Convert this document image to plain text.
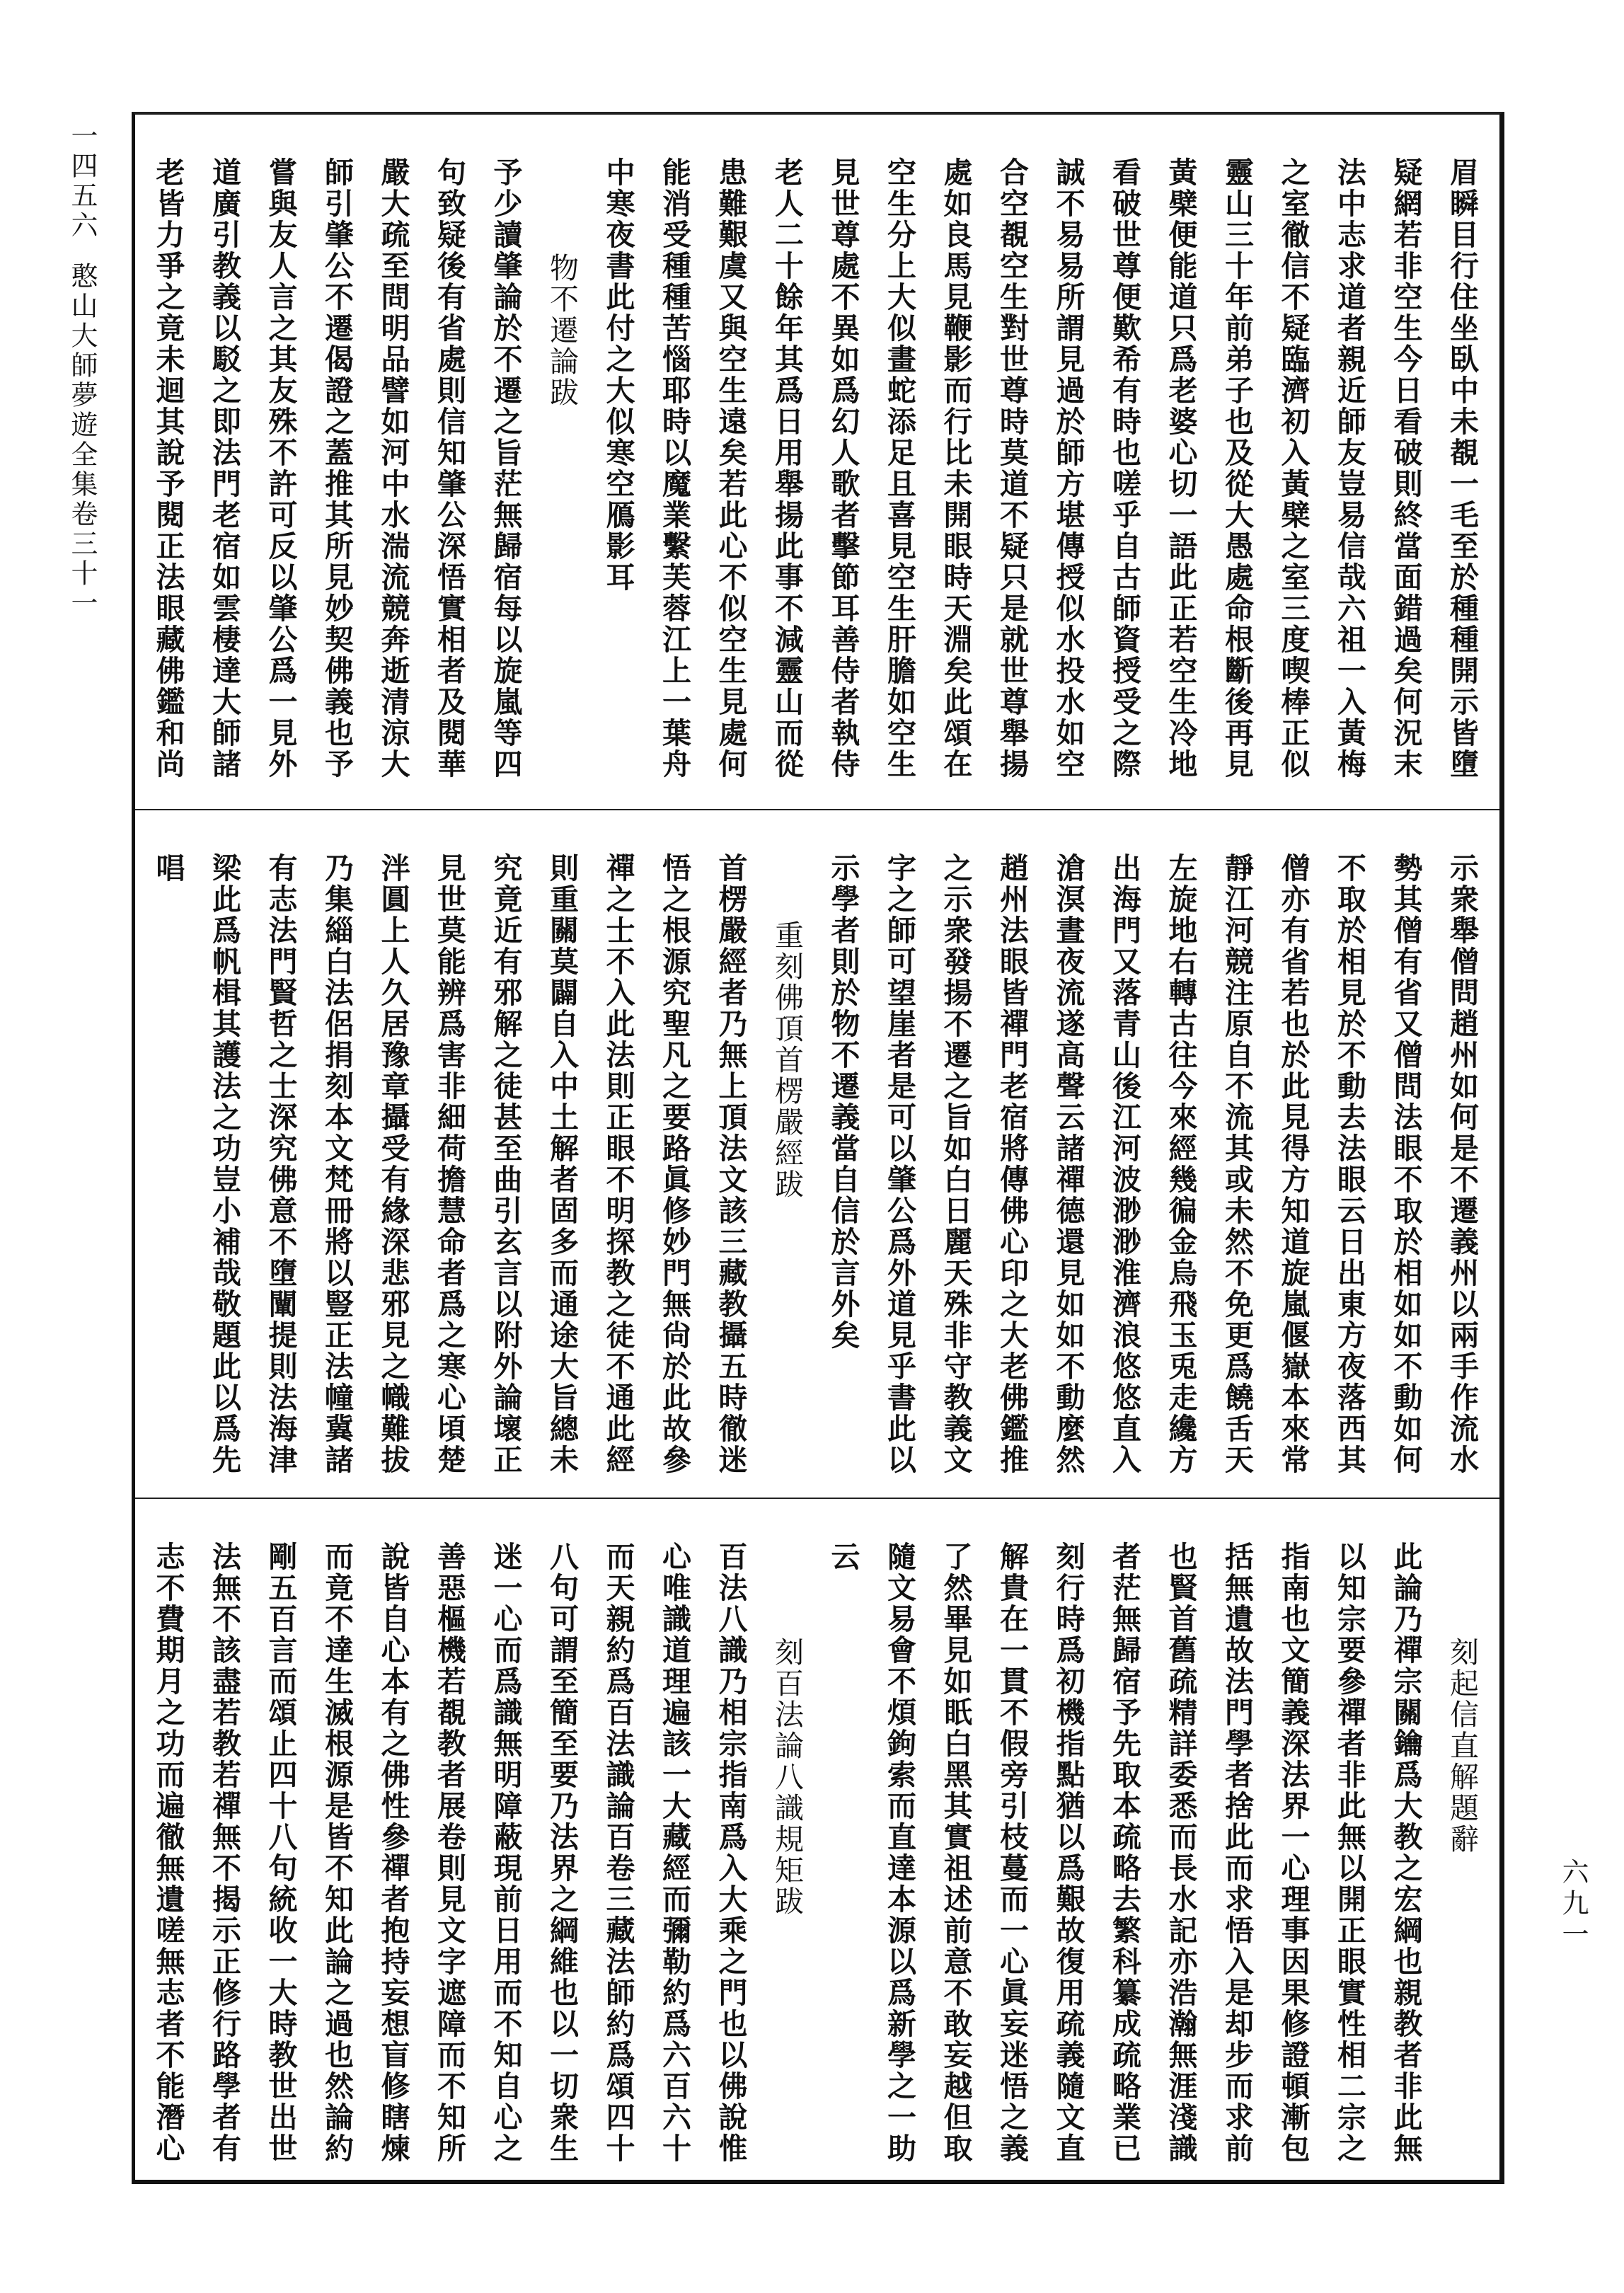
一四五六憨山大師夢遊全集卷三十一	眉瞬目行住坐臥中未覩一毛至於種種開示皆墮
疑網若非空生今日看破則終當面錯過矣何況末
法中志求道者親近師友豈易信哉六祖一入黃梅
之室徹信不疑臨濟初入黃檗之室三度喫棒正似
靈山三十年前弟子也及從大愚處命根斷後再見
黃檗便能道只爲老婆心切一語此正若空生冷地
看破世尊便歎希有時也嗟乎自古師資授受之際
誠不易易所謂見過於師方堪傳授似水投水如空
合空覩空生對世尊時莫道不疑只是就世尊舉揚
處如良馬見鞭影而行比未開眼時天淵矣此頌在
空生分上大似畫蛇添足且喜見空生肝膽如空生
見世尊處不異如爲幻人歌者擊節耳善侍者執侍
老人二十餘年其爲日用舉揚此事不減靈山而從
患難艱虞又與空生遠矣若此心不似空生見處何
能消受種種苦惱耶時以魔業繫芙蓉江上一葉舟
中寒夜書此付之大似寒空鴈影耳
物不遷論跋
予少讀肇論於不遷之旨茫無歸宿每以旋嵐等四
句致疑後有省處則信知肇公深悟實相者及閱華
嚴大疏至問明品譬如河中水湍流競奔逝清涼大
師引肇公不遷偈證之蓋推其所見妙契佛義也予
嘗與友人言之其友殊不許可反以肇公爲一見外
道廣引教義以駁之即法門老宿如雲棲達大師諸
老皆力爭之竟未迴其說予閱正法眼藏佛鑑和尚
示衆舉僧問趙州如何是不遷義州以兩手作流水
勢其僧有省又僧問法眼不取於相如如不動如何
不取於相見於不動去法眼云日出東方夜落西其
僧亦有省若也於此見得方知道旋嵐偃嶽本來常
靜江河競注原自不流其或未然不免更爲饒舌天
左旋地右轉古往今來經幾徧金烏飛玉兎走纔方
出海門又落青山後江河波渺渺淮濟浪悠悠直入
滄溟晝夜流遂高聲云諸禪德還見如如不動麼然
趙州法眼皆禪門老宿將傳佛心印之大老佛鑑推
之示衆發揚不遷之旨如白日麗天殊非守教義文
字之師可望崖者是可以肇公爲外道見乎書此以
示學者則於物不遷義當自信於言外矣
重刻佛頂首楞嚴經跋
首楞嚴經者乃無上頂法文該三藏教攝五時徹迷
悟之根源究聖凡之要路眞修妙門無尙於此故參
禪之士不入此法則正眼不明探教之徒不通此經
則重關莫闢自入中土解者固多而通途大旨總未
究竟近有邪解之徒甚至曲引玄言以附外論壞正
見世莫能辨爲害非細荷擔慧命者爲之寒心頃楚
泮圓上人久居豫章攝受有緣深悲邪見之幟難拔
乃集緇白法侶捐刻本文梵冊將以豎正法幢冀諸
有志法門賢哲之士深究佛意不墮闡提則法海津
梁此爲帆楫其護法之功豈小補哉敬題此以爲先
唱
刻起信直解題辭
此論乃禪宗關鑰爲大教之宏綱也親教者非此無
以知宗要參禪者非此無以開正眼實性相二宗之
指南也文簡義深法界一心理事因果修證頓漸包
括無遺故法門學者捨此而求悟入是却步而求前
也賢首舊疏精詳委悉而長水記亦浩瀚無涯淺識
者茫無歸宿予先取本疏略去繁科纂成疏略業已
刻行時爲初機指點猶以爲艱故復用疏義隨文直
解貴在一貫不假旁引枝蔓而一心眞妄迷悟之義
了然畢見如眂白黑其實祖述前意不敢妄越但取
隨文易會不煩鉤索而直達本源以爲新學之一助
云
刻百法論八識規矩跋
百法八識乃相宗指南爲入大乘之門也以佛說惟
心唯識道理遍該一大藏經而彌勒約爲六百六十
而天親約爲百法識論百卷三藏法師約爲頌四十
八句可謂至簡至要乃法界之綱維也以一切衆生
迷一心而爲識無明障蔽現前日用而不知自心之
善惡樞機若覩教者展卷則見文字遮障而不知所
說皆自心本有之佛性參禪者抱持妄想盲修瞎煉
而竟不達生滅根源是皆不知此論之過也然論約
剛五百言而頌止四十八句統收一大時教世出世
法無不該盡若教若禪無不揭示正修行路學者有
志不費期月之功而遍徹無遺嗟無志者不能潛心	六九一
